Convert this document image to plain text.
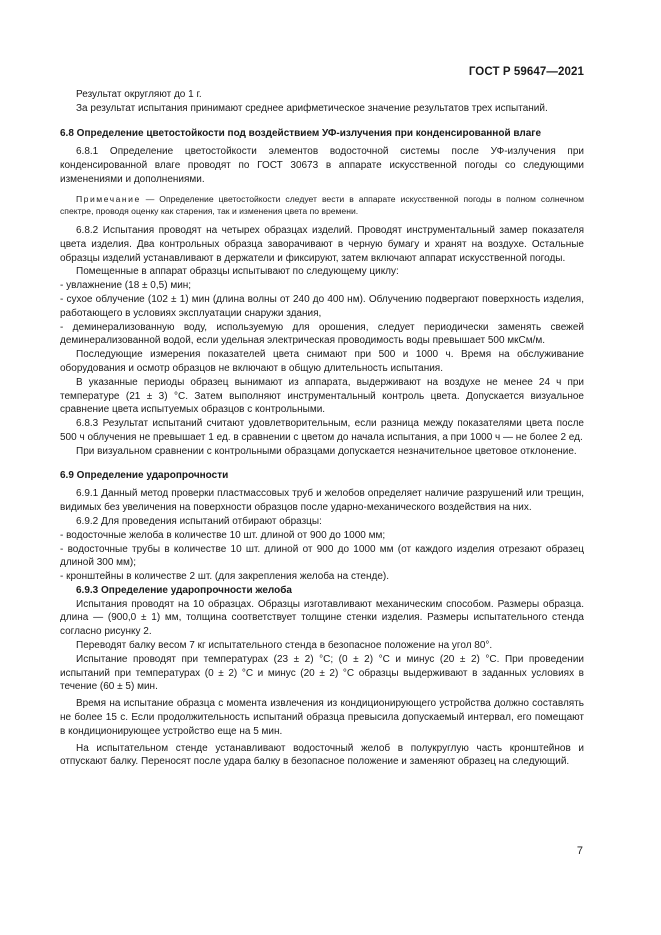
ГОСТ Р 59647—2021

Результат округляют до 1 г.

За результат испытания принимают среднее арифметическое значение результатов трех испытаний.

6.8 Определение цветостойкости под воздействием УФ-излучения при конденсированной влаге

6.8.1 Определение цветостойкости элементов водосточной системы после УФ-излучения при конденсированной влаге проводят по ГОСТ 30673 в аппарате искусственной погоды со следующими изменениями и дополнениями.

Примечание — Определение цветостойкости следует вести в аппарате искусственной погоды в полном солнечном спектре, проводя оценку как старения, так и изменения цвета по времени.

6.8.2 Испытания проводят на четырех образцах изделий. Проводят инструментальный замер показателя цвета изделия. Два контрольных образца заворачивают в черную бумагу и хранят на воздухе. Остальные образцы изделий устанавливают в держатели и фиксируют, затем включают аппарат искусственной погоды.

Помещенные в аппарат образцы испытывают по следующему циклу:

- увлажнение (18 ± 0,5) мин;

- сухое облучение (102 ± 1) мин (длина волны от 240 до 400 нм). Облучению подвергают поверхность изделия, работающего в условиях эксплуатации снаружи здания,

- деминерализованную воду, используемую для орошения, следует периодически заменять свежей деминерализованной водой, если удельная электрическая проводимость воды превышает 500 мкСм/м.

Последующие измерения показателей цвета снимают при 500 и 1000 ч. Время на обслуживание оборудования и осмотр образцов не включают в общую длительность испытания.

В указанные периоды образец вынимают из аппарата, выдерживают на воздухе не менее 24 ч при температуре (21 ± 3) °С. Затем выполняют инструментальный контроль цвета. Допускается визуальное сравнение цвета испытуемых образцов с контрольными.

6.8.3 Результат испытаний считают удовлетворительным, если разница между показателями цвета после 500 ч облучения не превышает 1 ед. в сравнении с цветом до начала испытания, а при 1000 ч — не более 2 ед.

При визуальном сравнении с контрольными образцами допускается незначительное цветовое отклонение.

6.9 Определение ударопрочности

6.9.1 Данный метод проверки пластмассовых труб и желобов определяет наличие разрушений или трещин, видимых без увеличения на поверхности образцов после ударно-механического воздействия на них.

6.9.2 Для проведения испытаний отбирают образцы:

- водосточные желоба в количестве 10 шт. длиной от 900 до 1000 мм;

- водосточные трубы в количестве 10 шт. длиной от 900 до 1000 мм (от каждого изделия отрезают образец длиной 300 мм);

- кронштейны в количестве 2 шт. (для закрепления желоба на стенде).

6.9.3 Определение ударопрочности желоба

Испытания проводят на 10 образцах. Образцы изготавливают механическим способом. Размеры образца. длина — (900,0 ± 1) мм, толщина соответствует толщине стенки изделия. Размеры испытательного стенда согласно рисунку 2.

Переводят балку весом 7 кг испытательного стенда в безопасное положение на угол 80°.

Испытание проводят при температурах (23 ± 2) °С; (0 ± 2) °С и минус (20 ± 2) °С. При проведении испытаний при температурах (0 ± 2) °С и минус (20 ± 2) °С образцы выдерживают в заданных условиях в течение (60 ± 5) мин.

Время на испытание образца с момента извлечения из кондиционирующего устройства должно составлять не более 15 с. Если продолжительность испытаний образца превысила допускаемый интервал, его помещают в кондиционирующее устройство еще на 5 мин.

На испытательном стенде устанавливают водосточный желоб в полукруглую часть кронштейнов и отпускают балку. Переносят после удара балку в безопасное положение и заменяют образец на следующий.

7
